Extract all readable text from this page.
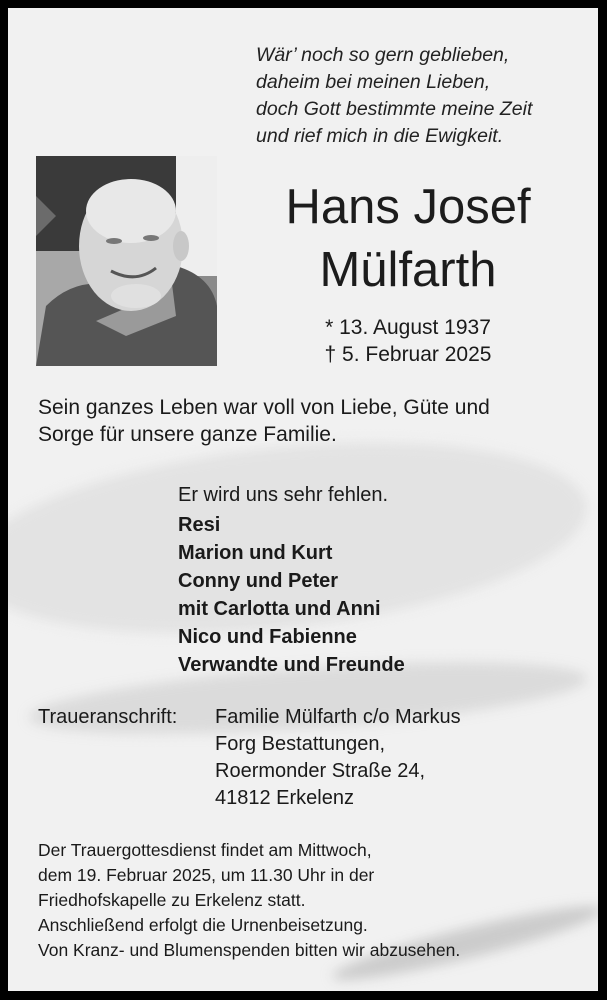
Wär’ noch so gern geblieben,
daheim bei meinen Lieben,
doch Gott bestimmte meine Zeit
und rief mich in die Ewigkeit.
Hans Josef
Mülfarth
* 13. August 1937
† 5. Februar 2025
Sein ganzes Leben war voll von Liebe, Güte und
Sorge für unsere ganze Familie.
Er wird uns sehr fehlen.
Resi
Marion und Kurt
Conny und Peter
mit Carlotta und Anni
Nico und Fabienne
Verwandte und Freunde
Traueranschrift:	Familie Mülfarth c/o Markus
Forg Bestattungen,
Roermonder Straße 24,
41812 Erkelenz
Der Trauergottesdienst findet am Mittwoch,
dem 19. Februar 2025, um 11.30 Uhr in der
Friedhofskapelle zu Erkelenz statt.
Anschließend erfolgt die Urnenbeisetzung.
Von Kranz- und Blumenspenden bitten wir abzusehen.
